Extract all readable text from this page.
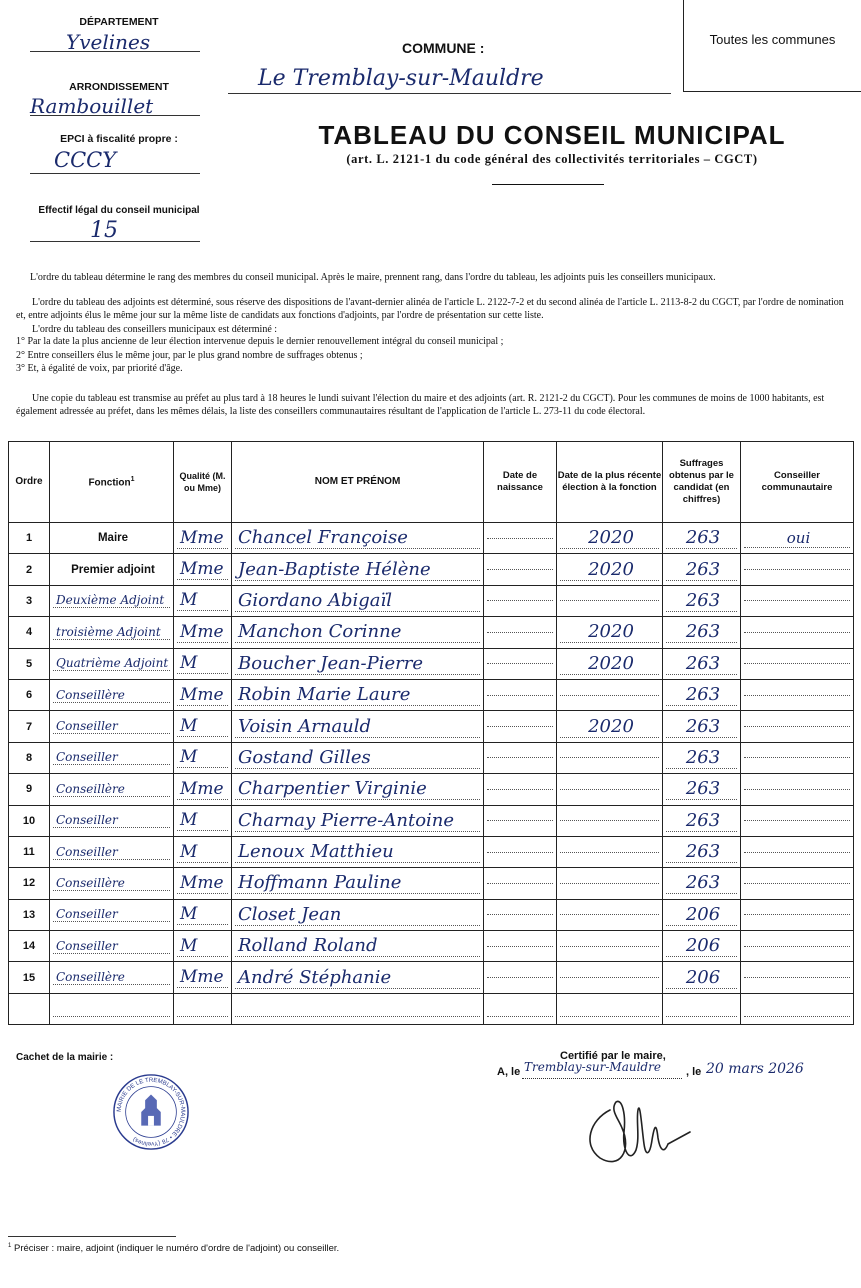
DÉPARTEMENT
Yvelines
ARRONDISSEMENT
Rambouillet
EPCI à fiscalité propre :
CCCY
Effectif légal du conseil municipal
15
COMMUNE :
Le Tremblay-sur-Mauldre
Toutes les communes
TABLEAU DU CONSEIL MUNICIPAL
(art. L. 2121-1 du code général des collectivités territoriales – CGCT)
L'ordre du tableau détermine le rang des membres du conseil municipal. Après le maire, prennent rang, dans l'ordre du tableau, les adjoints puis les conseillers municipaux.
L'ordre du tableau des adjoints est déterminé, sous réserve des dispositions de l'avant-dernier alinéa de l'article L. 2122-7-2 et du second alinéa de l'article L. 2113-8-2 du CGCT, par l'ordre de nomination et, entre adjoints élus le même jour sur la même liste de candidats aux fonctions d'adjoints, par l'ordre de présentation sur cette liste.
L'ordre du tableau des conseillers municipaux est déterminé :
1° Par la date la plus ancienne de leur élection intervenue depuis le dernier renouvellement intégral du conseil municipal ;
2° Entre conseillers élus le même jour, par le plus grand nombre de suffrages obtenus ;
3° Et, à égalité de voix, par priorité d'âge.
Une copie du tableau est transmise au préfet au plus tard à 18 heures le lundi suivant l'élection du maire et des adjoints (art. R. 2121-2 du CGCT). Pour les communes de moins de 1000 habitants, est également adressée au préfet, dans les mêmes délais, la liste des conseillers communautaires résultant de l'application de l'article L. 273-11 du code électoral.
Ordre	Fonction$^1$	Qualité (M. ou Mme)	NOM ET PRÉNOM	Date de naissance	Date de la plus récente élection à la fonction	Suffrages obtenus par le candidat (en chiffres)	Conseiller communautaire
1	Maire	Mme	Chancel Françoise		2020	263	oui

2	Premier adjoint	Mme	Jean-Baptiste Hélène		2020	263	

3	Deuxième Adjoint	M	Giordano Abigaïl			263	

4	troisième Adjoint	Mme	Manchon Corinne		2020	263	

5	Quatrième Adjoint	M	Boucher Jean-Pierre		2020	263	

6	Conseillère	Mme	Robin Marie Laure			263	

7	Conseiller	M	Voisin Arnauld		2020	263	

8	Conseiller	M	Gostand Gilles			263	

9	Conseillère	Mme	Charpentier Virginie			263	

10	Conseiller	M	Charnay Pierre-Antoine			263	

11	Conseiller	M	Lenoux Matthieu			263	

12	Conseillère	Mme	Hoffmann Pauline			263	

13	Conseiller	M	Closet Jean			206	

14	Conseiller	M	Rolland Roland			206	

15	Conseillère	Mme	André Stéphanie			206	

Cachet de la mairie :
MAIRIE DE LE TREMBLAY-SUR-MAULDRE • 78 (Yvelines)
Certifié par le maire,
A, le Tremblay-sur-Mauldre	, le 20 mars 2026
$^1$ Préciser : maire, adjoint (indiquer le numéro d'ordre de l'adjoint) ou conseiller.
